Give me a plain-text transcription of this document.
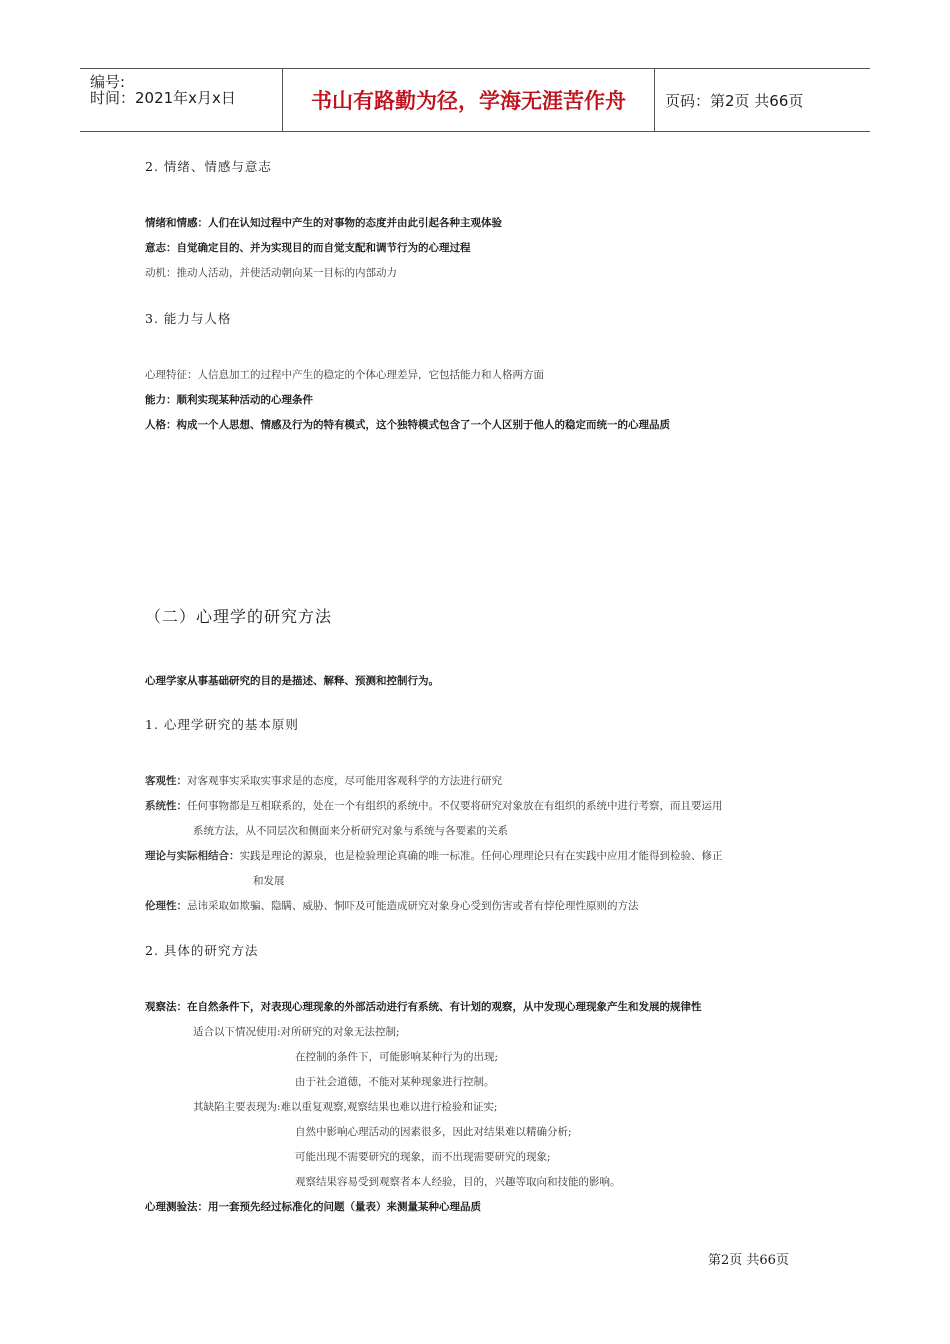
编号:
时间：2021年x月x日	书山有路勤为径，学海无涯苦作舟	页码：第2页 共66页
2. 情绪、情感与意志
情绪和情感：人们在认知过程中产生的对事物的态度并由此引起各种主观体验
意志：自觉确定目的、并为实现目的而自觉支配和调节行为的心理过程
动机：推动人活动，并使活动朝向某一目标的内部动力
3. 能力与人格
心理特征：人信息加工的过程中产生的稳定的个体心理差异，它包括能力和人格两方面
能力：顺利实现某种活动的心理条件
人格：构成一个人思想、情感及行为的特有模式，这个独特模式包含了一个人区别于他人的稳定而统一的心理品质
（二）心理学的研究方法
心理学家从事基础研究的目的是描述、解释、预测和控制行为。
1. 心理学研究的基本原则
客观性：对客观事实采取实事求是的态度，尽可能用客观科学的方法进行研究
系统性：任何事物都是互相联系的，处在一个有组织的系统中。不仅要将研究对象放在有组织的系统中进行考察，而且要运用
系统方法，从不同层次和侧面来分析研究对象与系统与各要素的关系
理论与实际相结合：实践是理论的源泉，也是检验理论真确的唯一标准。任何心理理论只有在实践中应用才能得到检验、修正
和发展
伦理性：忌讳采取如欺骗、隐瞒、威胁、恫吓及可能造成研究对象身心受到伤害或者有悖伦理性原则的方法
2. 具体的研究方法
观察法：在自然条件下，对表现心理现象的外部活动进行有系统、有计划的观察，从中发现心理现象产生和发展的规律性
适合以下情况使用:对所研究的对象无法控制;
在控制的条件下，可能影响某种行为的出现;
由于社会道德，不能对某种现象进行控制。
其缺陷主要表现为:难以重复观察,观察结果也难以进行检验和证实;
自然中影响心理活动的因素很多，因此对结果难以精确分析;
可能出现不需要研究的现象，而不出现需要研究的现象;
观察结果容易受到观察者本人经验，目的，兴趣等取向和技能的影响。
心理测验法：用一套预先经过标准化的问题（量表）来测量某种心理品质
第2页 共66页
